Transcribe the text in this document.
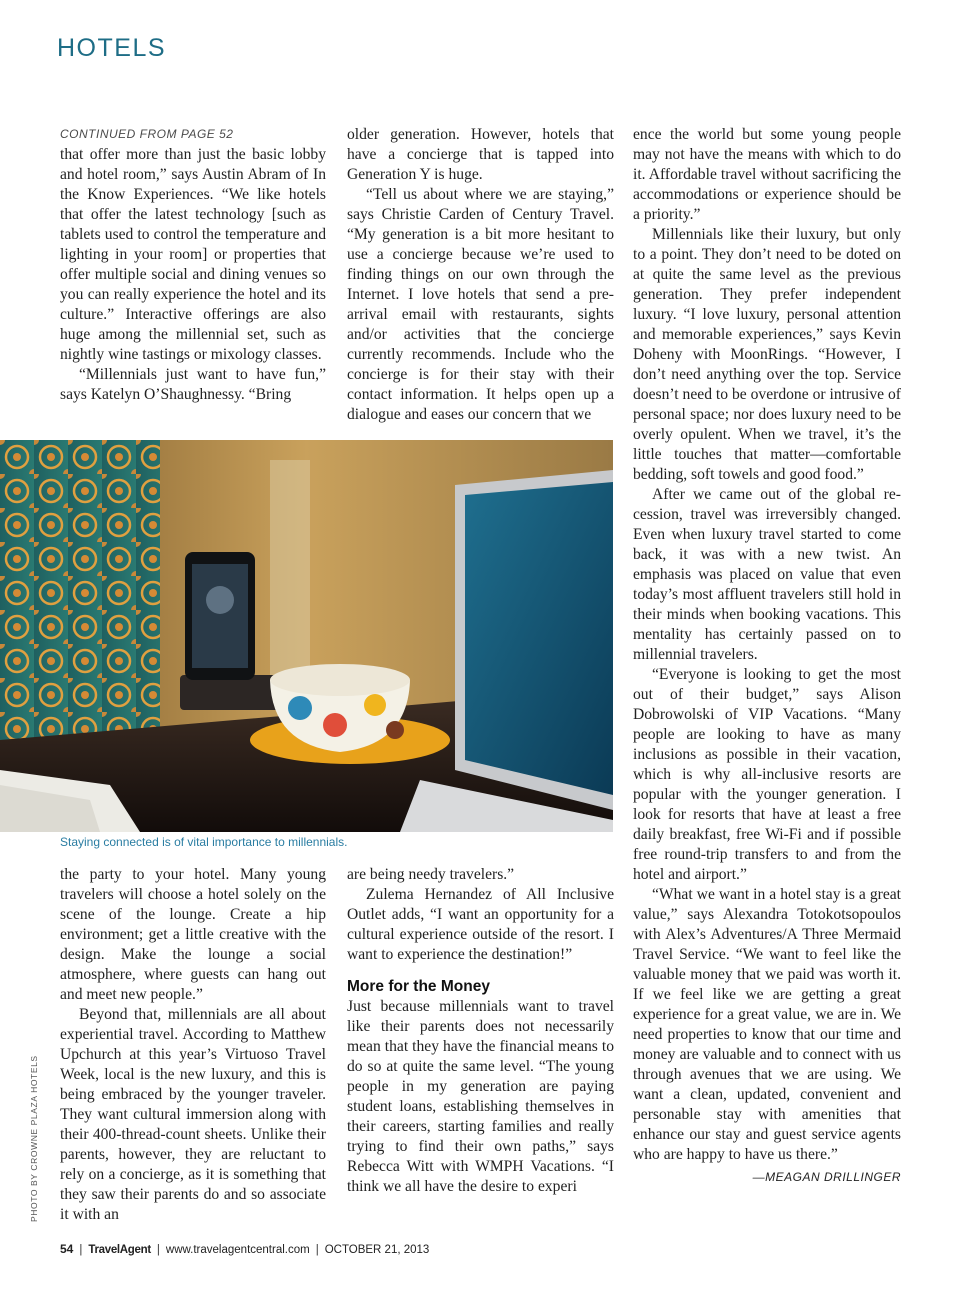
HOTELS
CONTINUED FROM PAGE 52

that offer more than just the basic lobby and hotel room,” says Austin Abram of In the Know Experiences. “We like hotels that offer the latest technology [such as tablets used to control the temperature and lighting in your room] or properties that offer multiple social and dining venues so you can really experience the hotel and its culture.” Interactive offerings are also huge among the millennial set, such as nightly wine tastings or mixology classes.

“Millennials just want to have fun,” says Katelyn O’Shaughnessy. “Bring

older generation. However, hotels that have a concierge that is tapped into Generation Y is huge.

“Tell us about where we are staying,” says Christie Carden of Century Travel. “My generation is a bit more hesitant to use a concierge because we’re used to finding things on our own through the Internet. I love hotels that send a pre-arrival email with restaurants, sights and/or activities that the concierge currently recommends. Include who the concierge is for their stay with their contact information. It helps open up a dialogue and eases our concern that we

ence the world but some young people may not have the means with which to do it. Affordable travel without sacrificing the accommodations or experience should be a priority.”

Millennials like their luxury, but only to a point. They don’t need to be doted on at quite the same level as the previous generation. They prefer independent luxury. “I love luxury, personal attention and memorable experiences,” says Kevin Doheny with MoonRings. “However, I don’t need anything over the top. Service doesn’t need to be overdone or intrusive of personal space; nor does luxury need to be overly opulent. When we travel, it’s the little touches that matter—comfortable bedding, soft towels and good food.”

After we came out of the global recession, travel was irreversibly changed. Even when luxury travel started to come back, it was with a new twist. An emphasis was placed on value that even today’s most affluent travelers still hold in their minds when booking vacations. This mentality has certainly passed on to millennial travelers.

“Everyone is looking to get the most out of their budget,” says Alison Dobrowolski of VIP Vacations. “Many people are looking to have as many inclusions as possible in their vacation, which is why all-inclusive resorts are popular with the younger generation. I look for resorts that have at least a free daily breakfast, free Wi-Fi and if possible free round-trip transfers to and from the hotel and airport.”

“What we want in a hotel stay is a great value,” says Alexandra Totokotsopoulos with Alex’s Adventures/A Three Mermaid Travel Service. “We want to feel like the valuable money that we paid was worth it. If we feel like we are getting a great experience for a great value, we are in. We need properties to know that our time and money are valuable and to connect with us through avenues that we are using. We want a clean, updated, convenient and personable stay with amenities that enhance our stay and guest service agents who are happy to have us there.”

—MEAGAN DRILLINGER
Staying connected is of vital importance to millennials.

the party to your hotel. Many young travelers will choose a hotel solely on the scene of the lounge. Create a hip environment; get a little creative with the design. Make the lounge a social atmosphere, where guests can hang out and meet new people.”

Beyond that, millennials are all about experiential travel. According to Matthew Upchurch at this year’s Virtuoso Travel Week, local is the new luxury, and this is being embraced by the younger traveler. They want cultural immersion along with their 400-thread-count sheets. Unlike their parents, however, they are reluctant to rely on a concierge, as it is something that they saw their parents do and so associate it with an

are being needy travelers.”

Zulema Hernandez of All Inclusive Outlet adds, “I want an opportunity for a cultural experience outside of the resort. I want to experience the destination!”

More for the Money

Just because millennials want to travel like their parents does not necessarily mean that they have the financial means to do so at quite the same level. “The young people in my generation are paying student loans, establishing themselves in their careers, starting families and really trying to find their own paths,” says Rebecca Witt with WMPH Vacations. “I think we all have the desire to experi

PHOTO BY CROWNE PLAZA HOTELS
54 | TravelAgent | www.travelagentcentral.com | OCTOBER 21, 2013
